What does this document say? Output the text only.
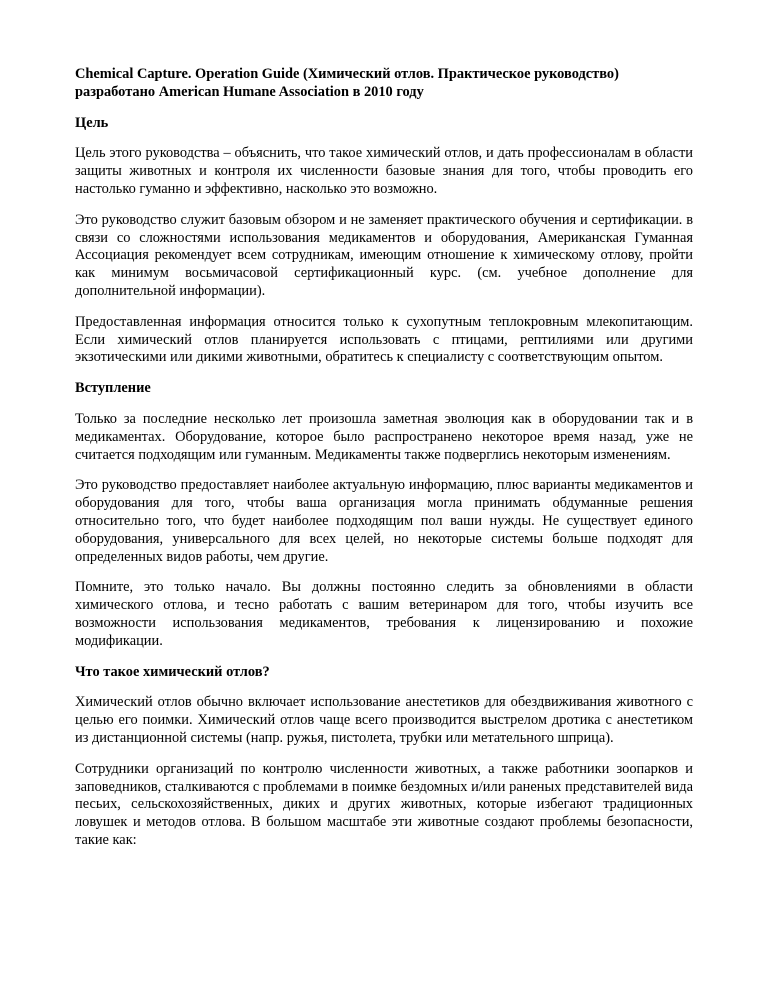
Chemical Capture. Operation Guide (Химический отлов. Практическое руководство) разработано American Humane Association в 2010 году
Цель

Цель этого руководства – объяснить, что такое химический отлов, и дать профессионалам в области защиты животных и контроля их численности базовые знания для того, чтобы проводить его настолько гуманно и эффективно, насколько это возможно.

Это руководство служит базовым обзором и не заменяет практического обучения и сертификации. в связи со сложностями использования медикаментов и оборудования, Американская Гуманная Ассоциация рекомендует всем сотрудникам, имеющим отношение к химическому отлову, пройти как минимум восьмичасовой сертификационный курс. (см. учебное дополнение для дополнительной информации).

Предоставленная информация относится только к сухопутным теплокровным млекопитающим. Если химический отлов планируется использовать с птицами, рептилиями или другими экзотическими или дикими животными, обратитесь к специалисту с соответствующим опытом.

Вступление

Только за последние несколько лет произошла заметная эволюция как в оборудовании так и в медикаментах. Оборудование, которое было распространено некоторое время назад, уже не считается подходящим или гуманным. Медикаменты также подверглись некоторым изменениям.

Это руководство предоставляет наиболее актуальную информацию, плюс варианты медикаментов и оборудования для того, чтобы ваша организация могла принимать обдуманные решения относительно того, что будет наиболее подходящим пол ваши нужды. Не существует единого оборудования, универсального для всех целей, но некоторые системы больше подходят для определенных видов работы, чем другие.

Помните, это только начало. Вы должны постоянно следить за обновлениями в области химического отлова, и тесно работать с вашим ветеринаром для того, чтобы изучить все возможности использования медикаментов, требования к лицензированию и похожие модификации.

Что такое химический отлов?

Химический отлов обычно включает использование анестетиков для обездвиживания животного с целью его поимки. Химический отлов чаще всего производится выстрелом дротика с анестетиком из дистанционной системы (напр. ружья, пистолета, трубки или метательного шприца).

Сотрудники организаций по контролю численности животных, а также работники зоопарков и заповедников, сталкиваются с проблемами в поимке бездомных и/или раненых представителей вида песьих, сельскохозяйственных, диких и других животных, которые избегают традиционных ловушек и методов отлова. В большом масштабе эти животные создают проблемы безопасности, такие как:
